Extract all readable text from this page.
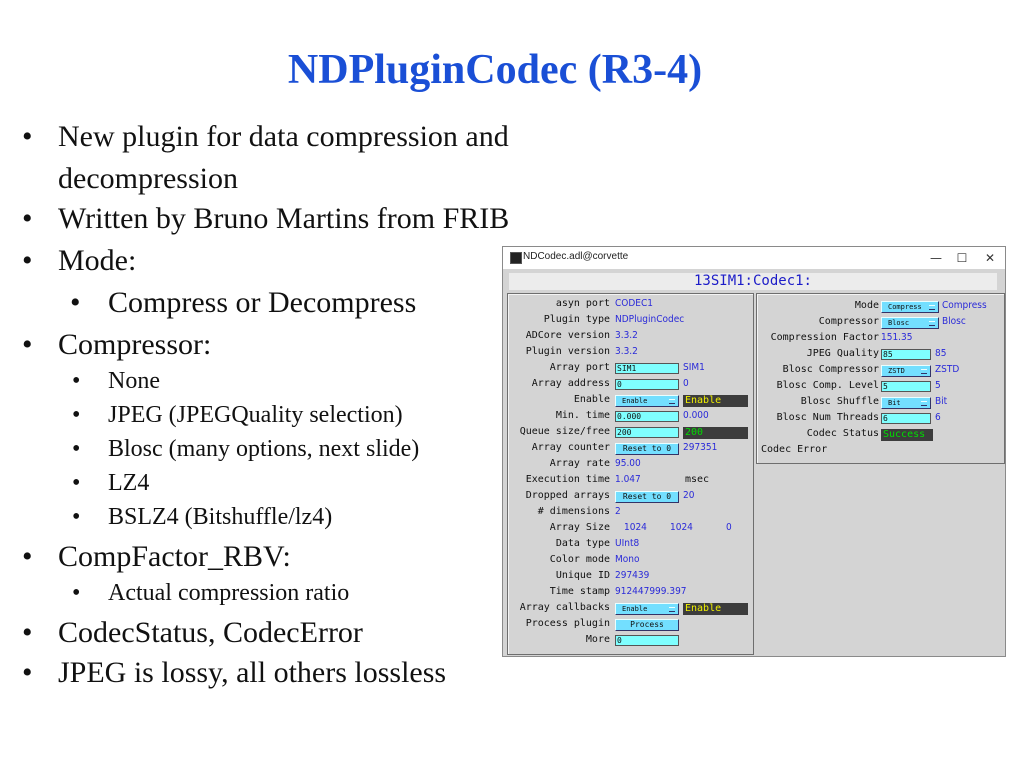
NDPluginCodec (R3-4)
• New plugin for data compression and
decompression
• Written by Bruno Martins from FRIB
• Mode:
• Compress or Decompress
• Compressor:
• None
• JPEG (JPEGQuality selection)
• Blosc (many options, next slide)
• LZ4
• BSLZ4 (Bitshuffle/lz4)
• CompFactor_RBV:
• Actual compression ratio
• CodecStatus, CodecError
• JPEG is lossy, all others lossless
NDCodec.adl@corvette	—	☐	✕
13SIM1:Codec1:
asyn port CODEC1
Plugin type NDPluginCodec
ADCore version 3.3.2
Plugin version 3.3.2
Array port SIM1	SIM1
Array address 0	0
Enable	Enable	Enable
Min. time 0.000	0.000
Queue size/free 200	200
Array counter	Reset to 0	297351
Array rate 95.00
Execution time 1.047	msec
Dropped arrays	Reset to 0	20
# dimensions 2
Array Size 1024 1024	0
Data type UInt8
Color mode Mono
Unique ID 297439
Time stamp 912447999.397
Array callbacks	Enable	Enable
Process plugin	Process
More 0
Mode	Compress	Compress
Compressor	Blosc	Blosc
Compression Factor 151.35
JPEG Quality 85	85
Blosc Compressor	ZSTD	ZSTD
Blosc Comp. Level 5	5
Blosc Shuffle	Bit	Bit
Blosc Num Threads 6	6
Codec Status Success
Codec Error
